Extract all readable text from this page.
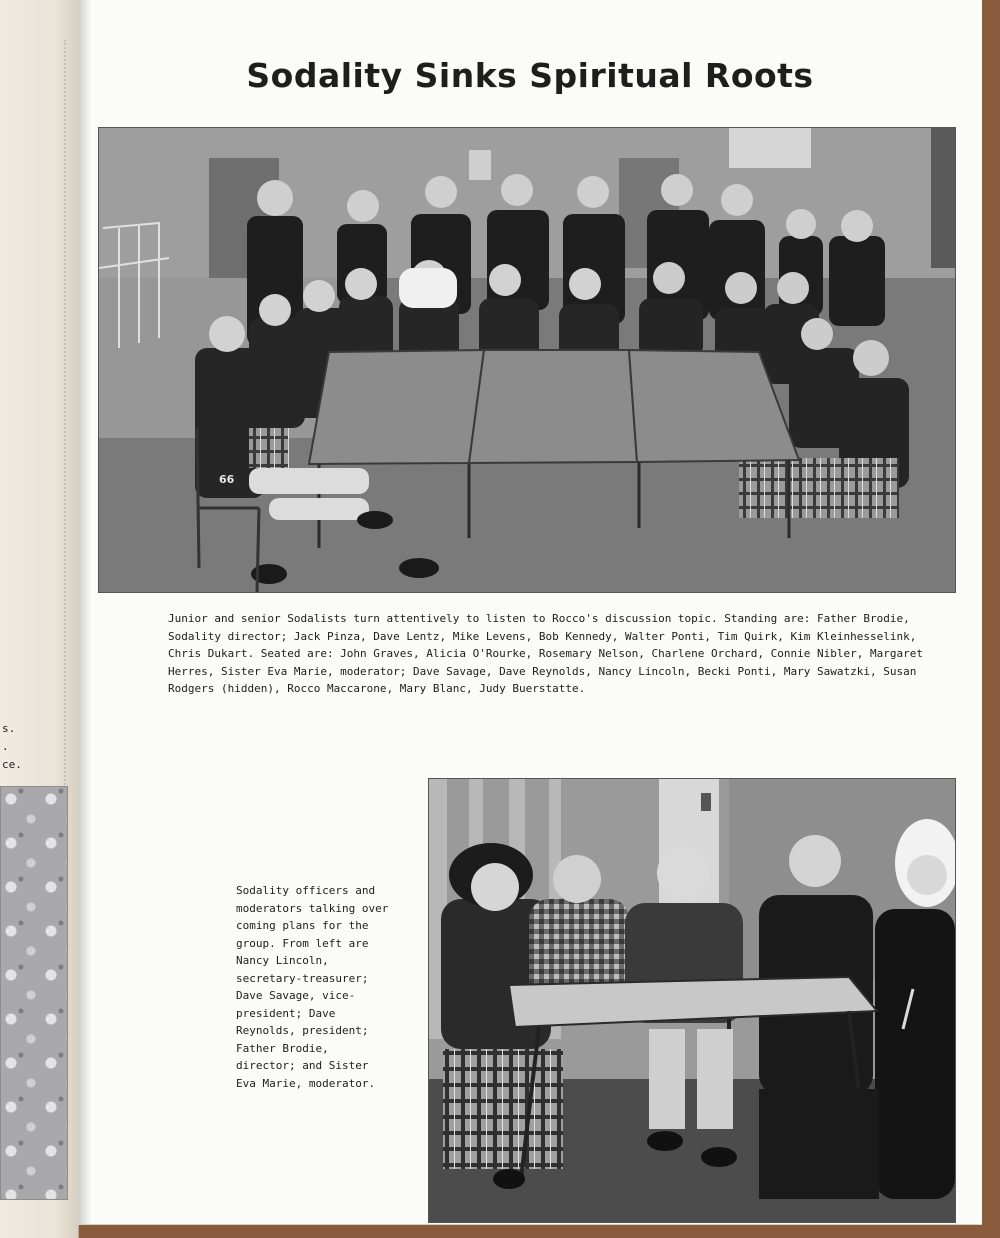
s.
.
ce.
Sodality Sinks Spiritual Roots
66

Junior and senior Sodalists turn attentively to listen to Rocco's discussion topic. Standing are: Father Brodie, Sodality director; Jack Pinza, Dave Lentz, Mike Levens, Bob Kennedy, Walter Ponti, Tim Quirk, Kim Kleinhesselink, Chris Dukart. Seated are: John Graves, Alicia O'Rourke, Rosemary Nelson, Charlene Orchard, Connie Nibler, Margaret Herres, Sister Eva Marie, moderator; Dave Savage, Dave Reynolds, Nancy Lincoln, Becki Ponti, Mary Sawatzki, Susan Rodgers (hidden), Rocco Maccarone, Mary Blanc, Judy Buerstatte.

Sodality officers and moderators talking over coming plans for the group. From left are Nancy Lincoln, secretary-treasurer; Dave Savage, vice-president; Dave Reynolds, president; Father Brodie, director; and Sister Eva Marie, moderator.
